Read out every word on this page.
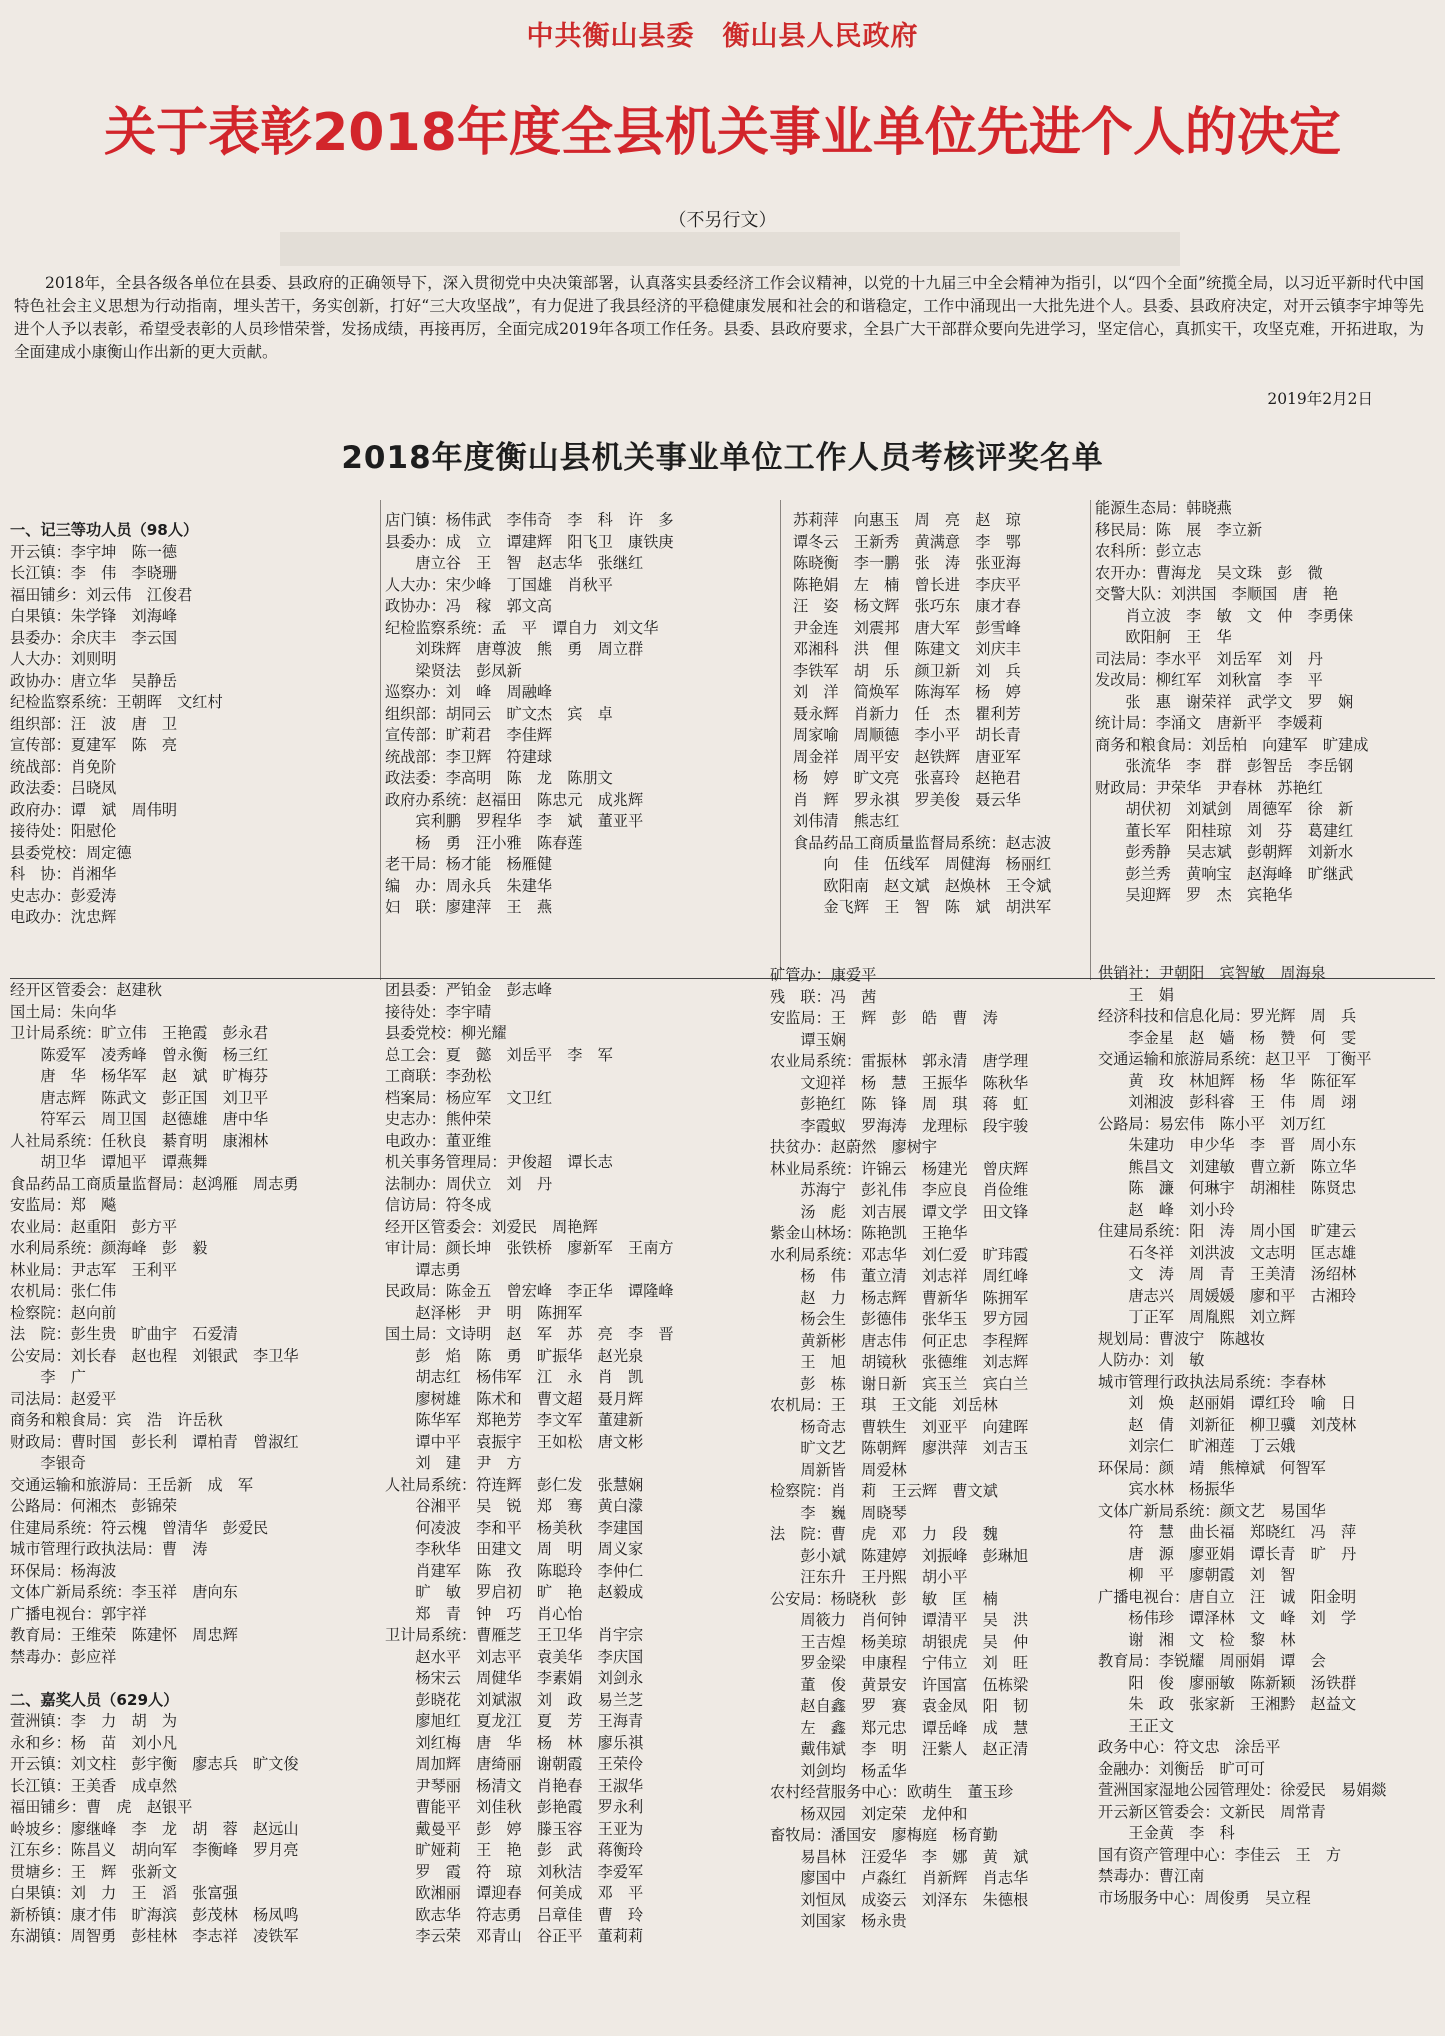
中共衡山县委　衡山县人民政府
关于表彰2018年度全县机关事业单位先进个人的决定
（不另行文）
2018年，全县各级各单位在县委、县政府的正确领导下，深入贯彻党中央决策部署，认真落实县委经济工作会议精神，以党的十九届三中全会精神为指引，以“四个全面”统揽全局，以习近平新时代中国特色社会主义思想为行动指南，埋头苦干，务实创新，打好“三大攻坚战”，有力促进了我县经济的平稳健康发展和社会的和谐稳定，工作中涌现出一大批先进个人。县委、县政府决定，对开云镇李宇坤等先进个人予以表彰，希望受表彰的人员珍惜荣誉，发扬成绩，再接再厉，全面完成2019年各项工作任务。县委、县政府要求，全县广大干部群众要向先进学习，坚定信心，真抓实干，攻坚克难，开拓进取，为全面建成小康衡山作出新的更大贡献。
2019年2月2日
2018年度衡山县机关事业单位工作人员考核评奖名单
一、记三等功人员（98人）
开云镇：李宇坤　陈一德
长江镇：李　伟　李晓珊
福田铺乡：刘云伟　江俊君
白果镇：朱学锋　刘海峰
县委办：余庆丰　李云国
人大办：刘则明
政协办：唐立华　吴静岳
纪检监察系统：王朝晖　文红村
组织部：汪　波　唐　卫
宣传部：夏建军　陈　亮
统战部：肖免阶
政法委：吕晓凤
政府办：谭　斌　周伟明
接待处：阳慰伦
县委党校：周定德
科　协：肖湘华
史志办：彭爱涛
电政办：沈忠辉
店门镇：杨伟武　李伟奇　李　科　许　多
县委办：成　立　谭建辉　阳飞卫　康铁庚
　　唐立谷　王　智　赵志华　张继红
人大办：宋少峰　丁国雄　肖秋平
政协办：冯　稼　郭文高
纪检监察系统：孟　平　谭自力　刘文华
　　刘珠辉　唐尊波　熊　勇　周立群
　　梁贤法　彭凤新
巡察办：刘　峰　周融峰
组织部：胡同云　旷文杰　宾　卓
宣传部：旷莉君　李佳辉
统战部：李卫辉　符建球
政法委：李高明　陈　龙　陈朋文
政府办系统：赵福田　陈忠元　成兆辉
　　宾利鹏　罗程华　李　斌　董亚平
　　杨　勇　汪小雅　陈春莲
老干局：杨才能　杨雁健
编　办：周永兵　朱建华
妇　联：廖建萍　王　燕
苏莉萍　向惠玉　周　亮　赵　琼
谭冬云　王新秀　黄满意　李　鄂
陈晓衡　李一鹏　张　涛　张亚海
陈艳娟　左　楠　曾长进　李庆平
汪　姿　杨文辉　张巧东　康才春
尹金连　刘震邦　唐大军　彭雪峰
邓湘科　洪　俚　陈建文　刘庆丰
李铁军　胡　乐　颜卫新　刘　兵
刘　洋　简焕军　陈海军　杨　婷
聂永辉　肖新力　任　杰　瞿利芳
周家喻　周顺德　李小平　胡长青
周金祥　周平安　赵铁辉　唐亚军
杨　婷　旷文亮　张喜玲　赵艳君
肖　辉　罗永祺　罗美俊　聂云华
刘伟清　熊志红
食品药品工商质量监督局系统：赵志波
　　向　佳　伍线军　周健海　杨丽红
　　欧阳南　赵文斌　赵焕林　王令斌
　　金飞辉　王　智　陈　斌　胡洪军
能源生态局：韩晓燕
移民局：陈　展　李立新
农科所：彭立志
农开办：曹海龙　吴文珠　彭　微
交警大队：刘洪国　李顺国　唐　艳
　　肖立波　李　敏　文　仲　李勇俫
　　欧阳舸　王　华
司法局：李水平　刘岳军　刘　丹
发改局：柳红军　刘秋富　李　平
　　张　惠　谢荣祥　武学文　罗　娴
统计局：李涌文　唐新平　李媛莉
商务和粮食局：刘岳柏　向建军　旷建成
　　张流华　李　群　彭智岳　李岳钢
财政局：尹荣华　尹春林　苏艳红
　　胡伏初　刘斌剑　周德军　徐　新
　　董长军　阳桂琼　刘　芬　葛建红
　　彭秀静　吴志斌　彭朝辉　刘新水
　　彭兰秀　黄响宝　赵海峰　旷继武
　　吴迎辉　罗　杰　宾艳华
经开区管委会：赵建秋
国土局：朱向华
卫计局系统：旷立伟　王艳霞　彭永君
　　陈爱军　凌秀峰　曾永衡　杨三红
　　唐　华　杨华军　赵　斌　旷梅芬
　　唐志辉　陈武文　彭正国　刘卫平
　　符军云　周卫国　赵德雄　唐中华
人社局系统：任秋良　綦育明　康湘林
　　胡卫华　谭旭平　谭燕舞
食品药品工商质量监督局：赵鸿雁　周志勇
安监局：郑　飚
农业局：赵重阳　彭方平
水利局系统：颜海峰　彭　毅
林业局：尹志军　王利平
农机局：张仁伟
检察院：赵向前
法　院：彭生贵　旷曲宇　石爱清
公安局：刘长春　赵也程　刘银武　李卫华
　　李　广
司法局：赵爱平
商务和粮食局：宾　浩　许岳秋
财政局：曹时国　彭长利　谭柏青　曾淑红
　　李银奇
交通运输和旅游局：王岳新　成　军
公路局：何湘杰　彭锦荣
住建局系统：符云槐　曾清华　彭爱民
城市管理行政执法局：曹　涛
环保局：杨海波
文体广新局系统：李玉祥　唐向东
广播电视台：郭宇祥
教育局：王维荣　陈建怀　周忠辉
禁毒办：彭应祥
二、嘉奖人员（629人）
萱洲镇：李　力　胡　为
永和乡：杨　苗　刘小凡
开云镇：刘文柱　彭宇衡　廖志兵　旷文俊
长江镇：王美香　成卓然
福田铺乡：曹　虎　赵银平
岭坡乡：廖继峰　李　龙　胡　蓉　赵远山
江东乡：陈昌义　胡向军　李衡峰　罗月亮
贯塘乡：王　辉　张新文
白果镇：刘　力　王　滔　张富强
新桥镇：康才伟　旷海滨　彭茂林　杨凤鸣
东湖镇：周智勇　彭桂林　李志祥　凌铁军
团县委：严铂金　彭志峰
接待处：李宇晴
县委党校：柳光耀
总工会：夏　懿　刘岳平　李　军
工商联：李劲松
档案局：杨应军　文卫红
史志办：熊仲荣
电政办：董亚维
机关事务管理局：尹俊超　谭长志
法制办：周伏立　刘　丹
信访局：符冬成
经开区管委会：刘爱民　周艳辉
审计局：颜长坤　张铁桥　廖新军　王南方
　　谭志勇
民政局：陈金五　曾宏峰　李正华　谭隆峰
　　赵泽彬　尹　明　陈拥军
国土局：文诗明　赵　军　苏　亮　李　晋
　　彭　焰　陈　勇　旷振华　赵光泉
　　胡志红　杨伟军　江　永　肖　凯
　　廖树雄　陈术和　曹文超　聂月辉
　　陈华军　郑艳芳　李文军　董建新
　　谭中平　袁振宇　王如松　唐文彬
　　刘　建　尹　方
人社局系统：符连辉　彭仁发　张慧娴
　　谷湘平　吴　锐　郑　骞　黄白濛
　　何凌波　李和平　杨美秋　李建国
　　李秋华　田建文　周　明　周义家
　　肖建军　陈　孜　陈聪玲　李仲仁
　　旷　敏　罗启初　旷　艳　赵毅成
　　郑　青　钟　巧　肖心怡
卫计局系统：曹雁芝　王卫华　肖宇宗
　　赵水平　刘志平　袁美华　李庆国
　　杨宋云　周健华　李素娟　刘剑永
　　彭晓花　刘斌淑　刘　政　易兰芝
　　廖旭红　夏龙江　夏　芳　王海青
　　刘红梅　唐　华　杨　林　廖乐祺
　　周加辉　唐绮丽　谢朝霞　王荣伶
　　尹琴丽　杨清文　肖艳春　王淑华
　　曹能平　刘佳秋　彭艳霞　罗永利
　　戴曼平　彭　婷　滕玉容　王亚为
　　旷娅莉　王　艳　彭　武　蒋衡玲
　　罗　霞　符　琼　刘秋洁　李爱军
　　欧湘丽　谭迎春　何美成　邓　平
　　欧志华　符志勇　吕章佳　曹　玲
　　李云荣　邓青山　谷正平　董莉莉
矿管办：康爱平
残　联：冯　茜
安监局：王　辉　彭　皓　曹　涛
　　谭玉娴
农业局系统：雷振林　郭永清　唐学理
　　文迎祥　杨　慧　王振华　陈秋华
　　彭艳红　陈　锋　周　琪　蒋　虹
　　李霞蚁　罗海涛　龙理标　段宇骏
扶贫办：赵蔚然　廖树宇
林业局系统：许锦云　杨建光　曾庆辉
　　苏海宁　彭礼伟　李应良　肖俭维
　　汤　彪　刘吉展　谭文学　田文锋
紫金山林场：陈艳凯　王艳华
水利局系统：邓志华　刘仁爱　旷玮霞
　　杨　伟　董立清　刘志祥　周红峰
　　赵　力　杨志辉　曹新华　陈拥军
　　杨会生　彭德伟　张华玉　罗方园
　　黄新彬　唐志伟　何正忠　李程辉
　　王　旭　胡镜秋　张德维　刘志辉
　　彭　栋　谢日新　宾玉兰　宾白兰
农机局：王　琪　王文能　刘岳林
　　杨奇志　曹轶生　刘亚平　向建晖
　　旷文艺　陈朝辉　廖洪萍　刘吉玉
　　周新皆　周爱林
检察院：肖　莉　王云辉　曹文斌
　　李　巍　周晓琴
法　院：曹　虎　邓　力　段　魏
　　彭小斌　陈建婷　刘振峰　彭琳旭
　　汪东升　王丹熙　胡小平
公安局：杨晓秋　彭　敏　匡　楠
　　周筱力　肖何钟　谭清平　吴　洪
　　王吉煌　杨美琼　胡银虎　吴　仲
　　罗金梁　申康程　宁伟立　刘　旺
　　董　俊　黄景安　许国富　伍栋梁
　　赵自鑫　罗　赛　袁金凤　阳　韧
　　左　鑫　郑元忠　谭岳峰　成　慧
　　戴伟斌　李　明　汪紫人　赵正清
　　刘剑均　杨孟华
农村经营服务中心：欧萌生　董玉珍
　　杨双园　刘定荣　龙仲和
畜牧局：潘国安　廖梅庭　杨育勤
　　易昌林　汪爱华　李　娜　黄　斌
　　廖国中　卢淼红　肖新辉　肖志华
　　刘恒凤　成姿云　刘泽东　朱德根
　　刘国家　杨永贵
供销社：尹朝阳　宾智敏　周海泉
　　王　娟
经济科技和信息化局：罗光辉　周　兵
　　李金星　赵　嫱　杨　赞　何　雯
交通运输和旅游局系统：赵卫平　丁衡平
　　黄　玫　林旭辉　杨　华　陈征军
　　刘湘波　彭科睿　王　伟　周　翊
公路局：易宏伟　陈小平　刘万红
　　朱建功　申少华　李　晋　周小东
　　熊昌文　刘建敏　曹立新　陈立华
　　陈　濂　何琳宇　胡湘桂　陈贤忠
　　赵　峰　刘小玲
住建局系统：阳　涛　周小国　旷建云
　　石冬祥　刘洪波　文志明　匡志雄
　　文　涛　周　青　王美清　汤绍林
　　唐志兴　周媛媛　廖和平　古湘玲
　　丁正军　周胤熙　刘立辉
规划局：曹波宁　陈越妆
人防办：刘　敏
城市管理行政执法局系统：李春林
　　刘　焕　赵丽娟　谭红玲　喻　日
　　赵　倩　刘新征　柳卫骥　刘茂林
　　刘宗仁　旷湘莲　丁云娥
环保局：颜　靖　熊樟斌　何智军
　　宾水林　杨振华
文体广新局系统：颜文艺　易国华
　　符　慧　曲长福　郑晓红　冯　萍
　　唐　源　廖亚娟　谭长青　旷　丹
　　柳　平　廖朝霞　刘　智
广播电视台：唐自立　汪　诚　阳金明
　　杨伟珍　谭泽林　文　峰　刘　学
　　谢　湘　文　检　黎　林
教育局：李锐耀　周丽娟　谭　会
　　阳　俊　廖丽敏　陈新颖　汤铁群
　　朱　政　张家新　王湘黔　赵益文
　　王正文
政务中心：符文忠　涂岳平
金融办：刘衡岳　旷可可
萱洲国家湿地公园管理处：徐爱民　易娟燚
开云新区管委会：文新民　周常青
　　王金黄　李　科
国有资产管理中心：李佳云　王　方
禁毒办：曹江南
市场服务中心：周俊勇　吴立程
